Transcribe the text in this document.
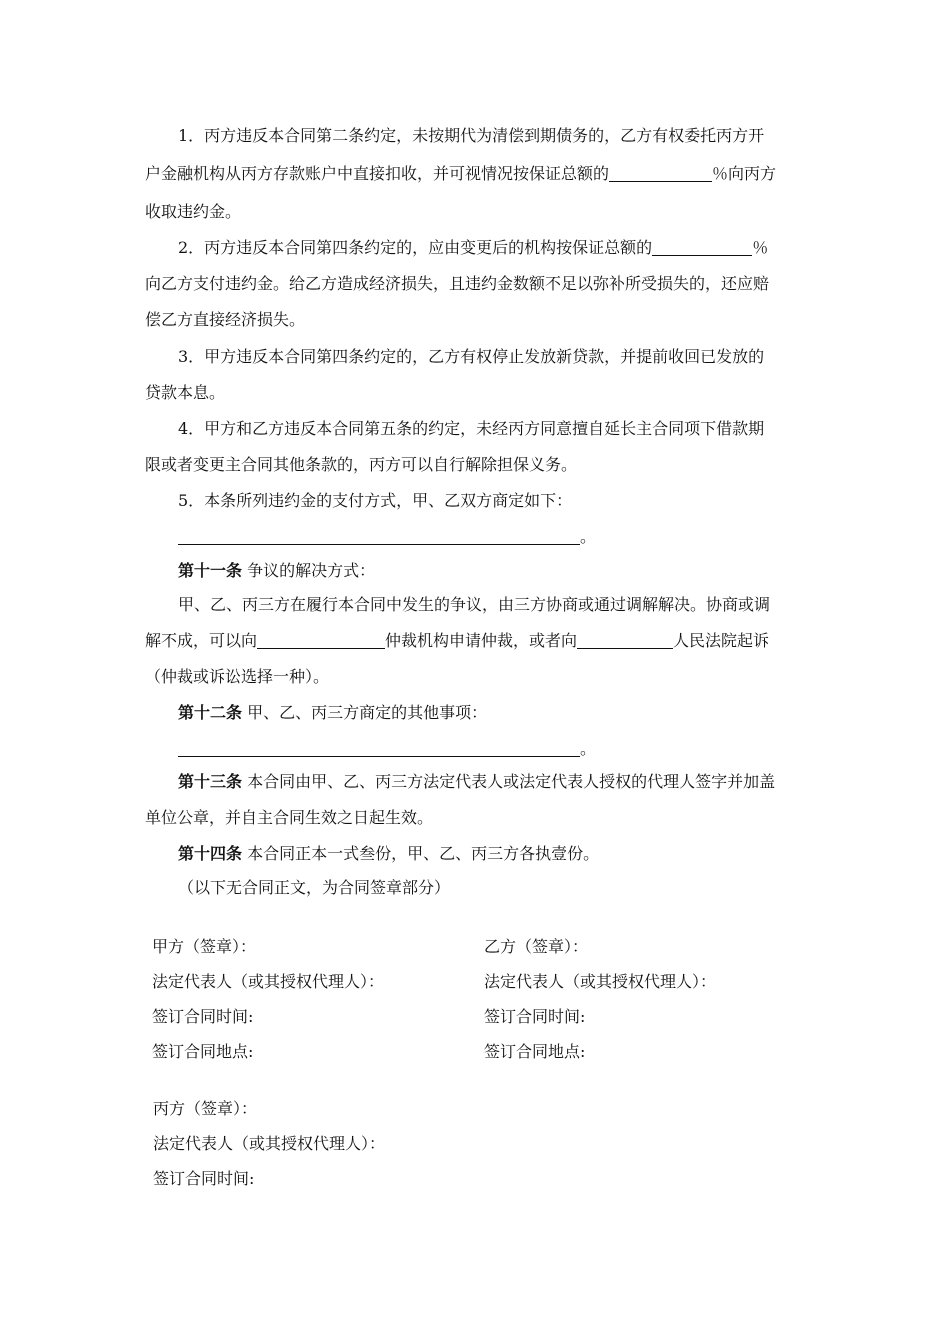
1．丙方违反本合同第二条约定，未按期代为清偿到期债务的，乙方有权委托丙方开
户金融机构从丙方存款账户中直接扣收，并可视情况按保证总额的	％向丙方
收取违约金。
2．丙方违反本合同第四条约定的，应由变更后的机构按保证总额的	％
向乙方支付违约金。给乙方造成经济损失，且违约金数额不足以弥补所受损失的，还应赔
偿乙方直接经济损失。
3．甲方违反本合同第四条约定的，乙方有权停止发放新贷款，并提前收回已发放的
贷款本息。
4．甲方和乙方违反本合同第五条的约定，未经丙方同意擅自延长主合同项下借款期
限或者变更主合同其他条款的，丙方可以自行解除担保义务。
5．本条所列违约金的支付方式，甲、乙双方商定如下：
。
第十一条 争议的解决方式：
甲、乙、丙三方在履行本合同中发生的争议，由三方协商或通过调解解决。协商或调
解不成，可以向	仲裁机构申请仲裁，或者向	人民法院起诉
（仲裁或诉讼选择一种）。
第十二条 甲、乙、丙三方商定的其他事项：
。
第十三条 本合同由甲、乙、丙三方法定代表人或法定代表人授权的代理人签字并加盖
单位公章，并自主合同生效之日起生效。
第十四条 本合同正本一式叁份，甲、乙、丙三方各执壹份。
（以下无合同正文，为合同签章部分）
甲方（签章）：
法定代表人（或其授权代理人）：
签订合同时间:
签订合同地点:
乙方（签章）：
法定代表人（或其授权代理人）：
签订合同时间:
签订合同地点:
丙方（签章）：
法定代表人（或其授权代理人）：
签订合同时间:
